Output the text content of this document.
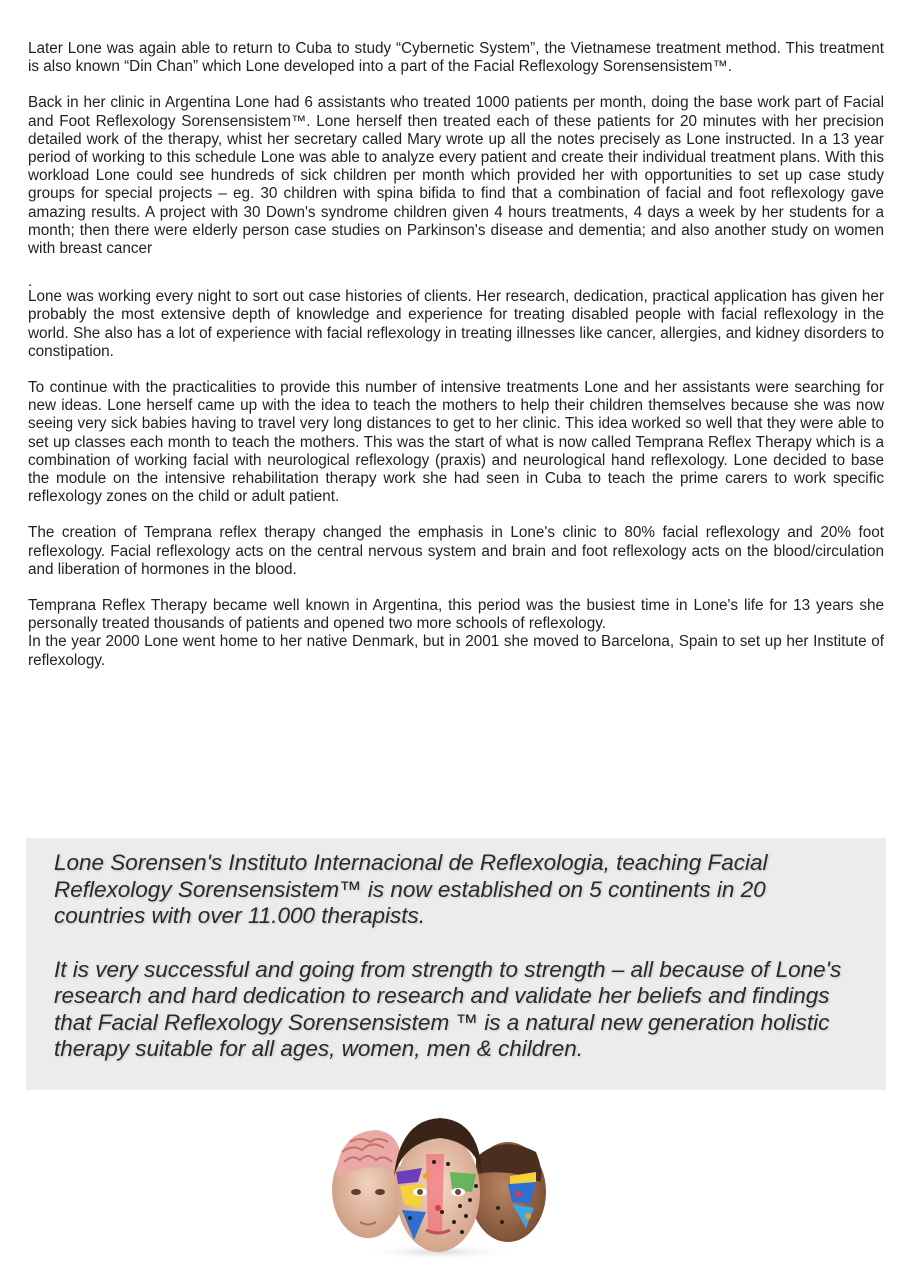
Later Lone was again able to return to Cuba to study “Cybernetic System”, the Vietnamese treatment method. This treatment is also known “Din Chan” which Lone developed into a part of the Facial Reflexology Sorensensistem™.

Back in her clinic in Argentina Lone had 6 assistants who treated 1000 patients per month, doing the base work part of Facial and Foot Reflexology Sorensensistem™. Lone herself then treated each of these patients for 20 minutes with her precision detailed work of the therapy, whist her secretary called Mary wrote up all the notes precisely as Lone instructed. In a 13 year period of working to this schedule Lone was able to analyze every patient and create their individual treatment plans. With this workload Lone could see hundreds of sick children per month which provided her with opportunities to set up case study groups for special projects – eg. 30 children with spina bifida to find that a combination of facial and foot reflexology gave amazing results. A project with 30 Down's syndrome children given 4 hours treatments, 4 days a week by her students for a month; then there were elderly person case studies on Parkinson's disease and dementia; and also another study on women with breast cancer

.

Lone was working every night to sort out case histories of clients. Her research, dedication, practical application has given her probably the most extensive depth of knowledge and experience for treating disabled people with facial reflexology in the world. She also has a lot of experience with facial reflexology in treating illnesses like cancer, allergies, and kidney disorders to constipation.

To continue with the practicalities to provide this number of intensive treatments Lone and her assistants were searching for new ideas. Lone herself came up with the idea to teach the mothers to help their children themselves because she was now seeing very sick babies having to travel very long distances to get to her clinic. This idea worked so well that they were able to set up classes each month to teach the mothers. This was the start of what is now called Temprana Reflex Therapy which is a combination of working facial with neurological reflexology (praxis) and neurological hand reflexology. Lone decided to base the module on the intensive rehabilitation therapy work she had seen in Cuba to teach the prime carers to work specific reflexology zones on the child or adult patient.

The creation of Temprana reflex therapy changed the emphasis in Lone's clinic to 80% facial reflexology and 20% foot reflexology. Facial reflexology acts on the central nervous system and brain and foot reflexology acts on the blood/circulation and liberation of hormones in the blood.

Temprana Reflex Therapy became well known in Argentina, this period was the busiest time in Lone's life for 13 years she personally treated thousands of patients and opened two more schools of reflexology.

In the year 2000 Lone went home to her native Denmark, but in 2001 she moved to Barcelona, Spain to set up her Institute of reflexology.

Lone Sorensen's Instituto Internacional de Reflexologia, teaching Facial Reflexology Sorensensistem™ is now established on 5 continents in 20 countries with over 11.000 therapists.

It is very successful and going from strength to strength – all because of Lone's research and hard dedication to research and validate her beliefs and findings that Facial Reflexology Sorensensistem ™ is a natural new generation holistic therapy suitable for all ages, women, men & children.
